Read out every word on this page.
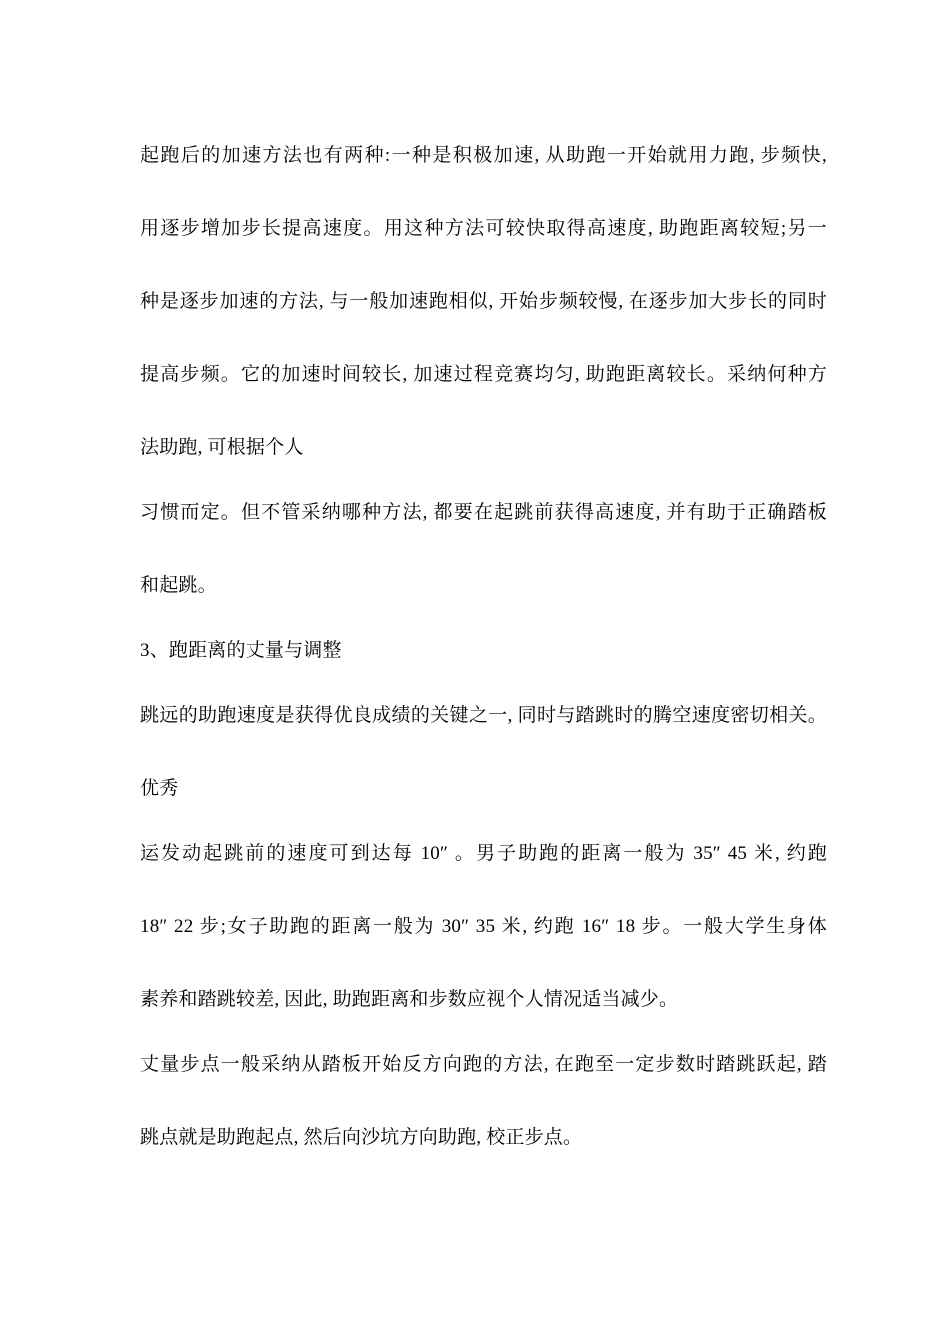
起跑后的加速方法也有两种:一种是积极加速, 从助跑一开始就用力跑, 步频快,
用逐步增加步长提高速度。用这种方法可较快取得高速度, 助跑距离较短;另一
种是逐步加速的方法, 与一般加速跑相似, 开始步频较慢, 在逐步加大步长的同时
提高步频。它的加速时间较长, 加速过程竞赛均匀, 助跑距离较长。采纳何种方
法助跑, 可根据个人
习惯而定。但不管采纳哪种方法, 都要在起跳前获得高速度, 并有助于正确踏板
和起跳。
3、跑距离的丈量与调整
跳远的助跑速度是获得优良成绩的关键之一, 同时与踏跳时的腾空速度密切相关。
优秀
运发动起跳前的速度可到达每 10″ 。男子助跑的距离一般为 35″ 45 米, 约跑
18″ 22 步;女子助跑的距离一般为 30″ 35 米, 约跑 16″ 18 步。一般大学生身体
素养和踏跳较差, 因此, 助跑距离和步数应视个人情况适当减少。
丈量步点一般采纳从踏板开始反方向跑的方法, 在跑至一定步数时踏跳跃起, 踏
跳点就是助跑起点, 然后向沙坑方向助跑, 校正步点。
